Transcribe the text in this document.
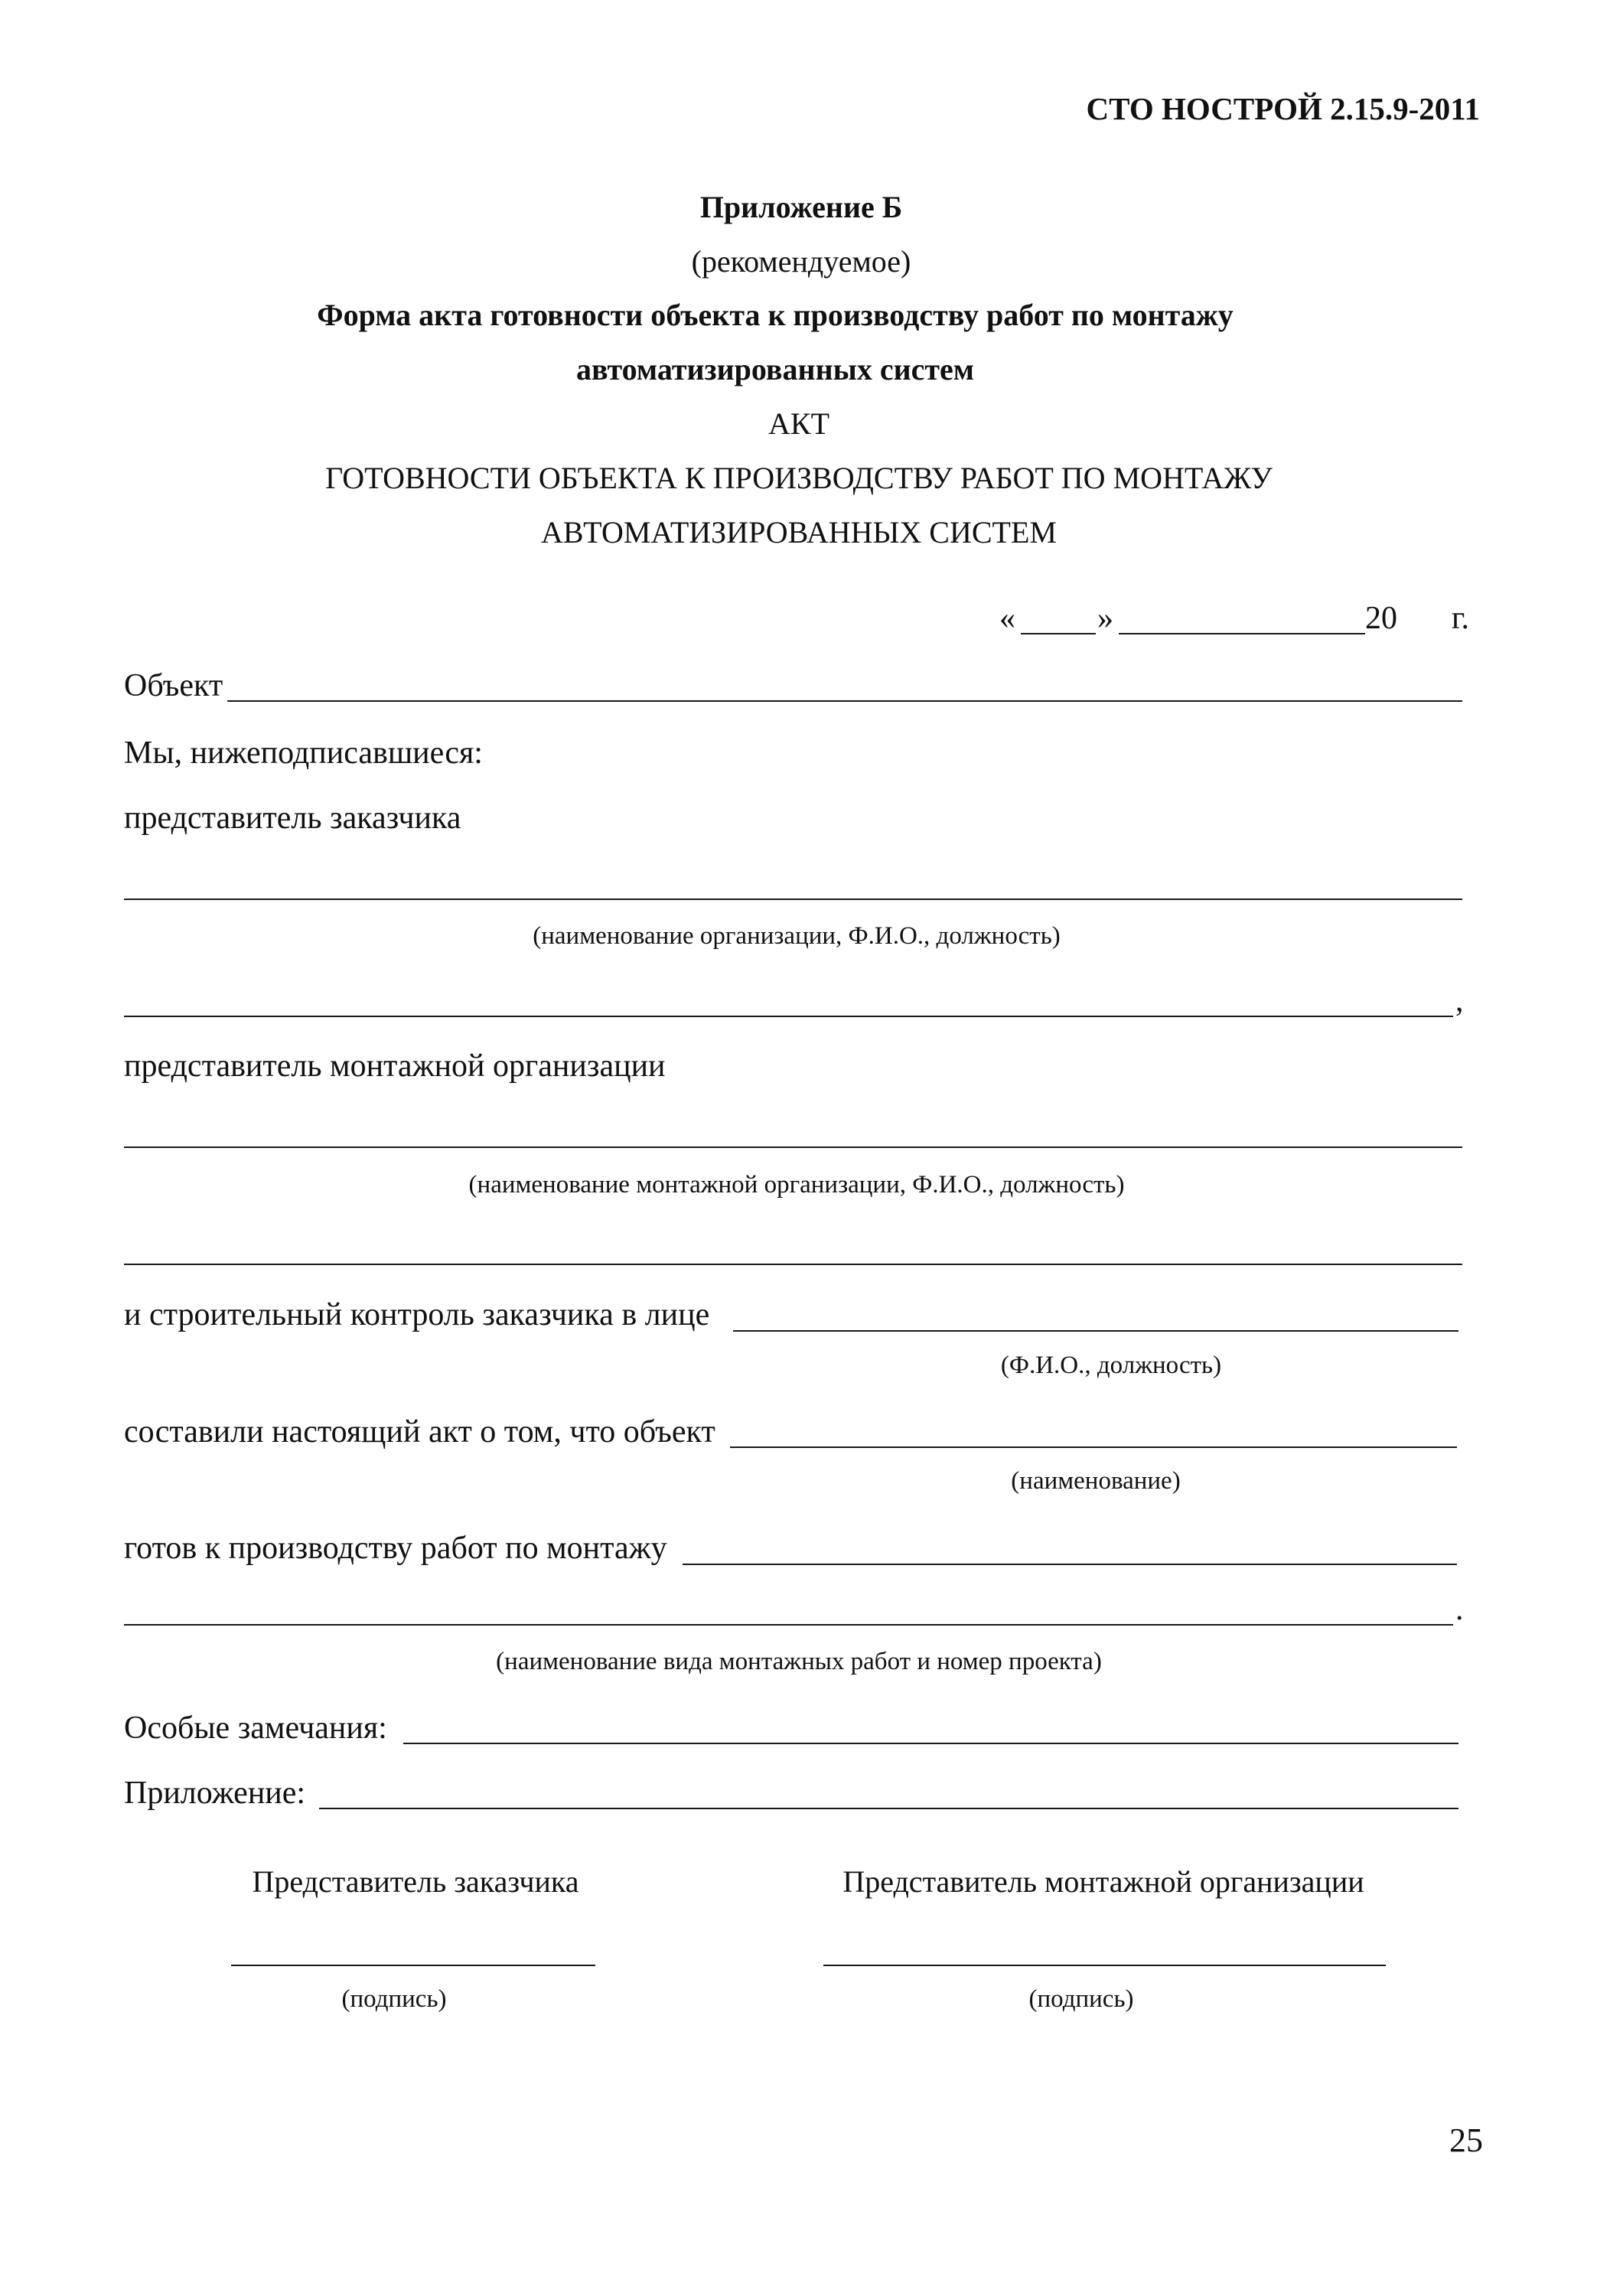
СТО НОСТРОЙ 2.15.9-2011
Приложение Б
(рекомендуемое)
Форма акта готовности объекта к производству работ по монтажу
автоматизированных систем
АКТ
ГОТОВНОСТИ ОБЪЕКТА К ПРОИЗВОДСТВУ РАБОТ ПО МОНТАЖУ
АВТОМАТИЗИРОВАННЫХ СИСТЕМ
«	»	20 г.
Объект
Мы, нижеподписавшиеся:
представитель заказчика
(наименование организации, Ф.И.О., должность)
,
представитель монтажной организации
(наименование монтажной организации, Ф.И.О., должность)
и строительный контроль заказчика в лице
(Ф.И.О., должность)
составили настоящий акт о том, что объект
(наименование)
готов к производству работ по монтажу
.
(наименование вида монтажных работ и номер проекта)
Особые замечания:
Приложение:
Представитель заказчика	Представитель монтажной организации
(подпись)	(подпись)
25
